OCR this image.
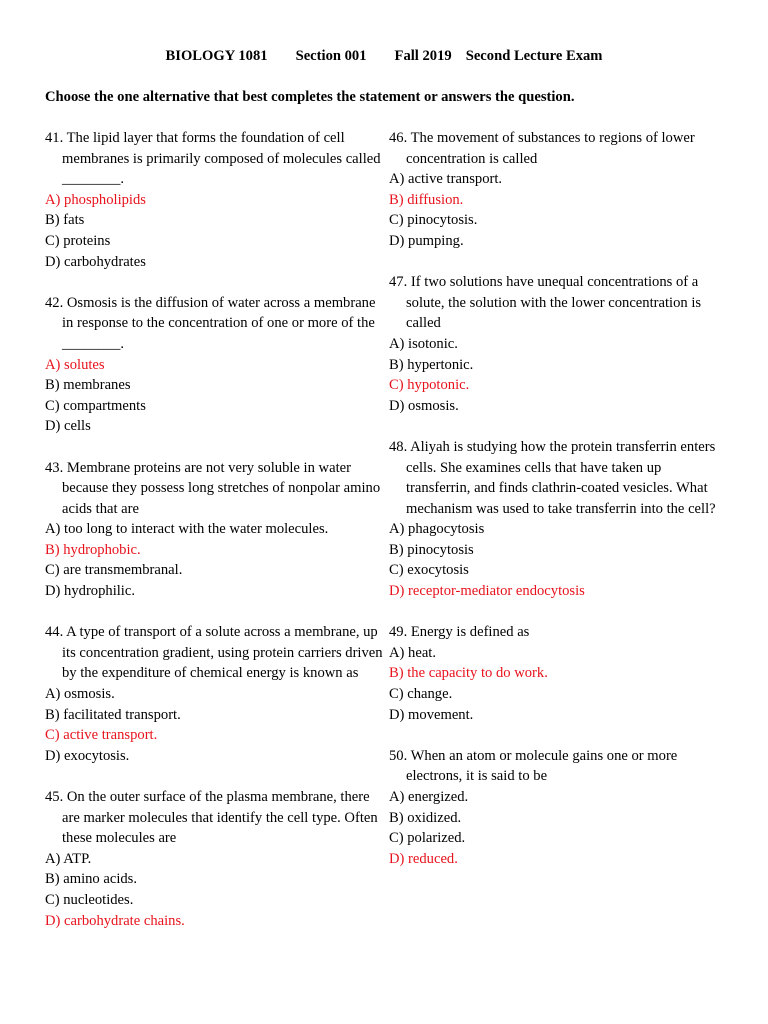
BIOLOGY 1081 Section 001 Fall 2019 Second Lecture Exam
Choose the one alternative that best completes the statement or answers the question.
41. The lipid layer that forms the foundation of cell membranes is primarily composed of molecules called ________.
A) phospholipids
B) fats
C) proteins
D) carbohydrates
42. Osmosis is the diffusion of water across a membrane in response to the concentration of one or more of the ________.
A) solutes
B) membranes
C) compartments
D) cells
43. Membrane proteins are not very soluble in water because they possess long stretches of nonpolar amino acids that are
A) too long to interact with the water molecules.
B) hydrophobic.
C) are transmembranal.
D) hydrophilic.
44. A type of transport of a solute across a membrane, up its concentration gradient, using protein carriers driven by the expenditure of chemical energy is known as
A) osmosis.
B) facilitated transport.
C) active transport.
D) exocytosis.
45. On the outer surface of the plasma membrane, there are marker molecules that identify the cell type. Often these molecules are
A) ATP.
B) amino acids.
C) nucleotides.
D) carbohydrate chains.
46. The movement of substances to regions of lower concentration is called
A) active transport.
B) diffusion.
C) pinocytosis.
D) pumping.
47. If two solutions have unequal concentrations of a solute, the solution with the lower concentration is called
A) isotonic.
B) hypertonic.
C) hypotonic.
D) osmosis.
48. Aliyah is studying how the protein transferrin enters cells. She examines cells that have taken up transferrin, and finds clathrin-coated vesicles. What mechanism was used to take transferrin into the cell?
A) phagocytosis
B) pinocytosis
C) exocytosis
D) receptor-mediator endocytosis
49. Energy is defined as
A) heat.
B) the capacity to do work.
C) change.
D) movement.
50. When an atom or molecule gains one or more electrons, it is said to be
A) energized.
B) oxidized.
C) polarized.
D) reduced.
